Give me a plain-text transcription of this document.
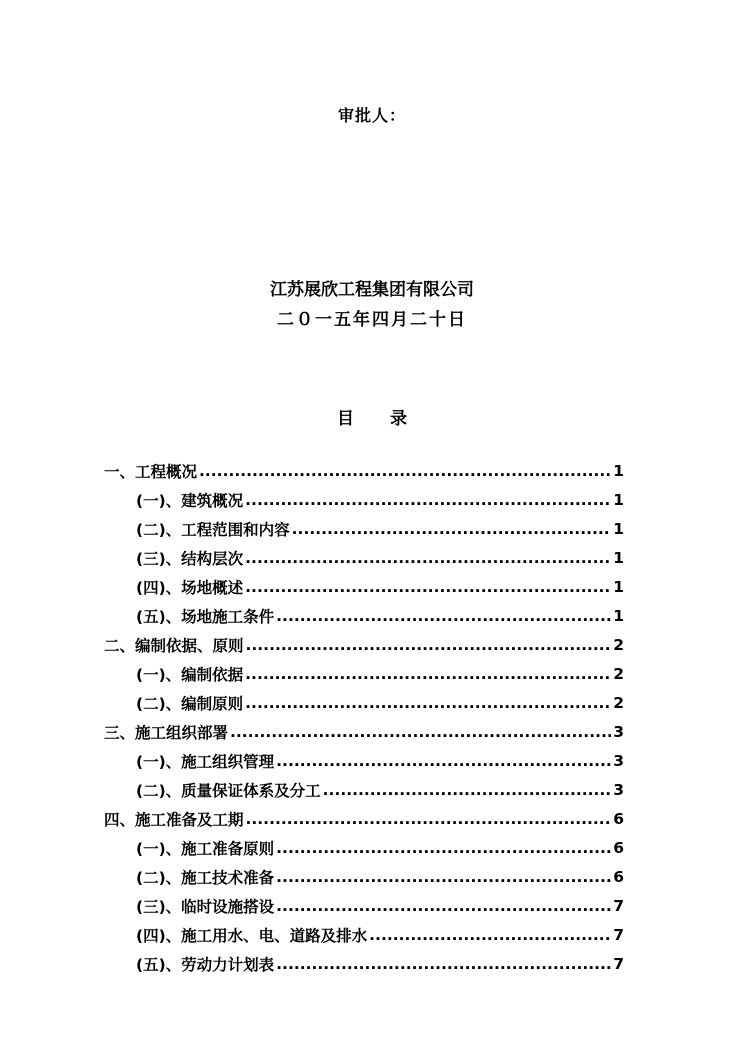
审批人：
江苏展欣工程集团有限公司
二０一五年四月二十日
目 录
一、工程概况 .....	1
(一)、建筑概况 .....	1
(二)、工程范围和内容 .....	1
(三)、结构层次 .....	1
(四)、场地概述 .....	1
(五)、场地施工条件 .....	1
二、编制依据、原则 .....	2
(一)、编制依据 .....	2
(二)、编制原则 .....	2
三、施工组织部署 .....	3
(一)、施工组织管理 .....	3
(二)、质量保证体系及分工 .....	3
四、施工准备及工期 .....	6
(一)、施工准备原则 .....	6
(二)、施工技术准备 .....	6
(三)、临时设施搭设 .....	7
(四)、施工用水、电、道路及排水 .....	7
(五)、劳动力计划表 .....	7
